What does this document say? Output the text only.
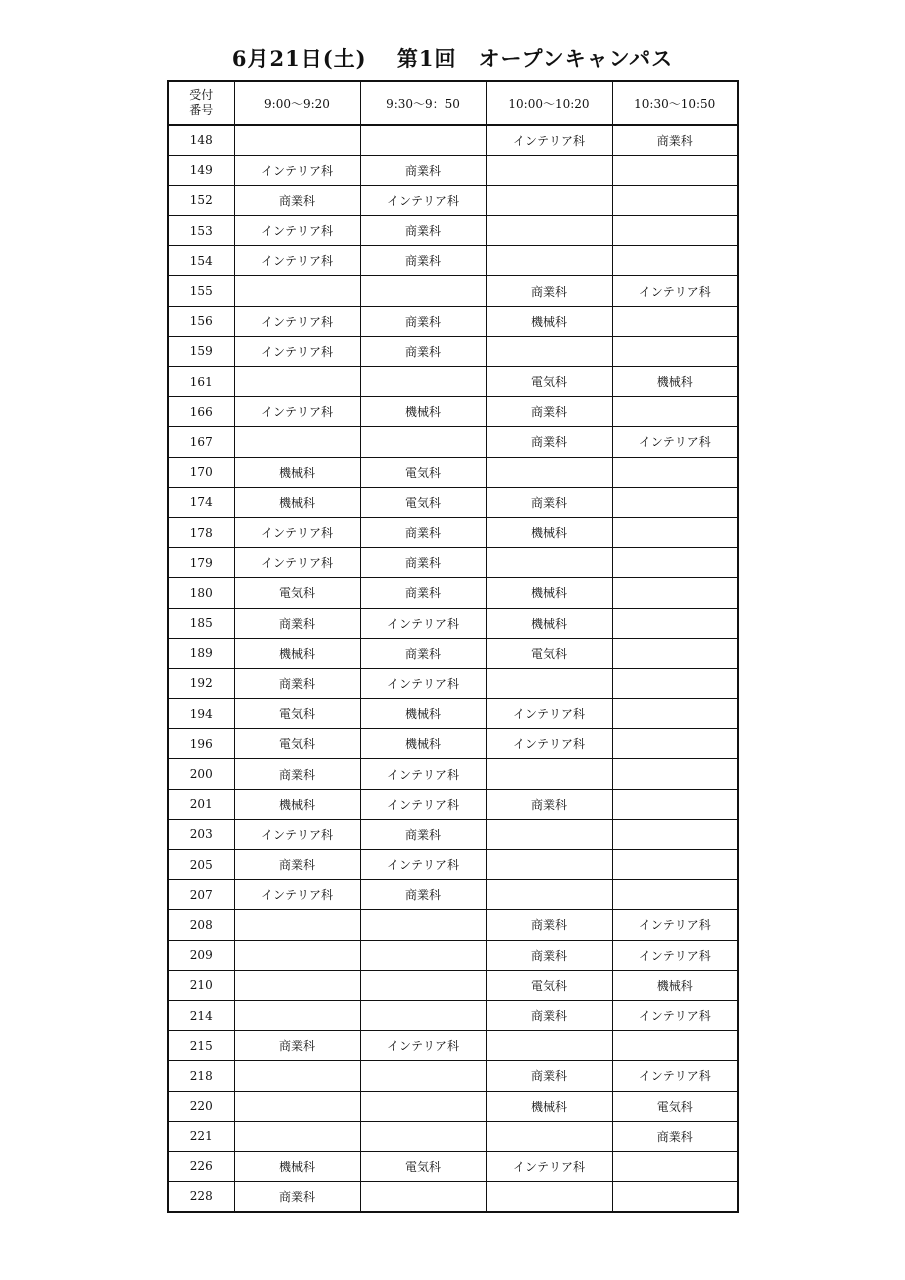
6月21日(土)　 第1回　オープンキャンパス
受付
番号	9:00～9:20	9:30～9：50	10:00～10:20	10:30～10:50
148			インテリア科	商業科
149	インテリア科	商業科		
152	商業科	インテリア科		
153	インテリア科	商業科		
154	インテリア科	商業科		
155			商業科	インテリア科
156	インテリア科	商業科	機械科	
159	インテリア科	商業科		
161			電気科	機械科
166	インテリア科	機械科	商業科	
167			商業科	インテリア科
170	機械科	電気科		
174	機械科	電気科	商業科	
178	インテリア科	商業科	機械科	
179	インテリア科	商業科		
180	電気科	商業科	機械科	
185	商業科	インテリア科	機械科	
189	機械科	商業科	電気科	
192	商業科	インテリア科		
194	電気科	機械科	インテリア科	
196	電気科	機械科	インテリア科	
200	商業科	インテリア科		
201	機械科	インテリア科	商業科	
203	インテリア科	商業科		
205	商業科	インテリア科		
207	インテリア科	商業科		
208			商業科	インテリア科
209			商業科	インテリア科
210			電気科	機械科
214			商業科	インテリア科
215	商業科	インテリア科		
218			商業科	インテリア科
220			機械科	電気科
221				商業科
226	機械科	電気科	インテリア科	
228	商業科			
